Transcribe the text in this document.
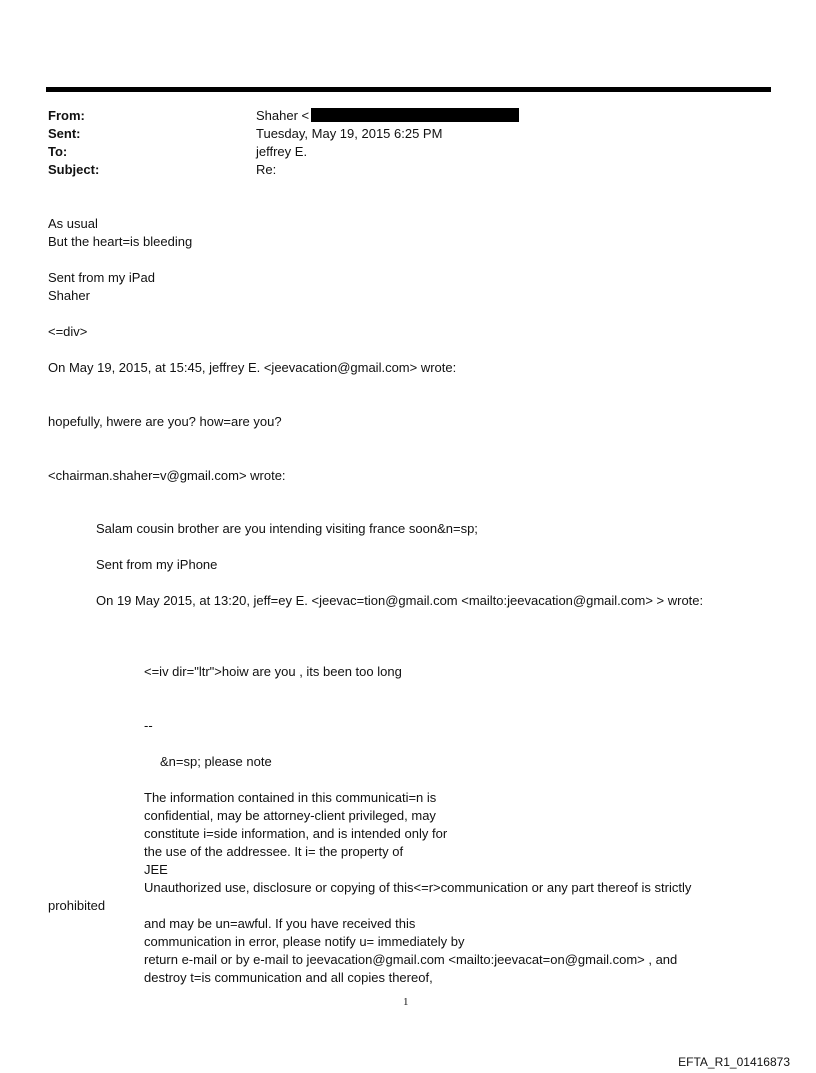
From:	Shaher <
Sent:	Tuesday, May 19, 2015 6:25 PM
To:	jeffrey E.
Subject:	Re:
As usual
But the heart=is bleeding
Sent from my iPad
Shaher
<=div>
On May 19, 2015, at 15:45, jeffrey E. <jeevacation@gmail.com> wrote:
hopefully, hwere are you? how=are you?
<chairman.shaher=v@gmail.com> wrote:
Salam cousin brother are you intending visiting france soon&n=sp;
Sent from my iPhone
On 19 May 2015, at 13:20, jeff=ey E. <jeevac=tion@gmail.com <mailto:jeevacation@gmail.com> > wrote:
<=iv dir="ltr">hoiw are you , its been too long
--
&n=sp; please note
The information contained in this communicati=n is
confidential, may be attorney-client privileged, may
constitute i=side information, and is intended only for
the use of the addressee. It i= the property of
JEE
Unauthorized use, disclosure or copying of this<=r>communication or any part thereof is strictly
prohibited
and may be un=awful. If you have received this
communication in error, please notify u= immediately by
return e-mail or by e-mail to jeevacation@gmail.com <mailto:jeevacat=on@gmail.com> , and
destroy t=is communication and all copies thereof,
1
EFTA_R1_01416873
